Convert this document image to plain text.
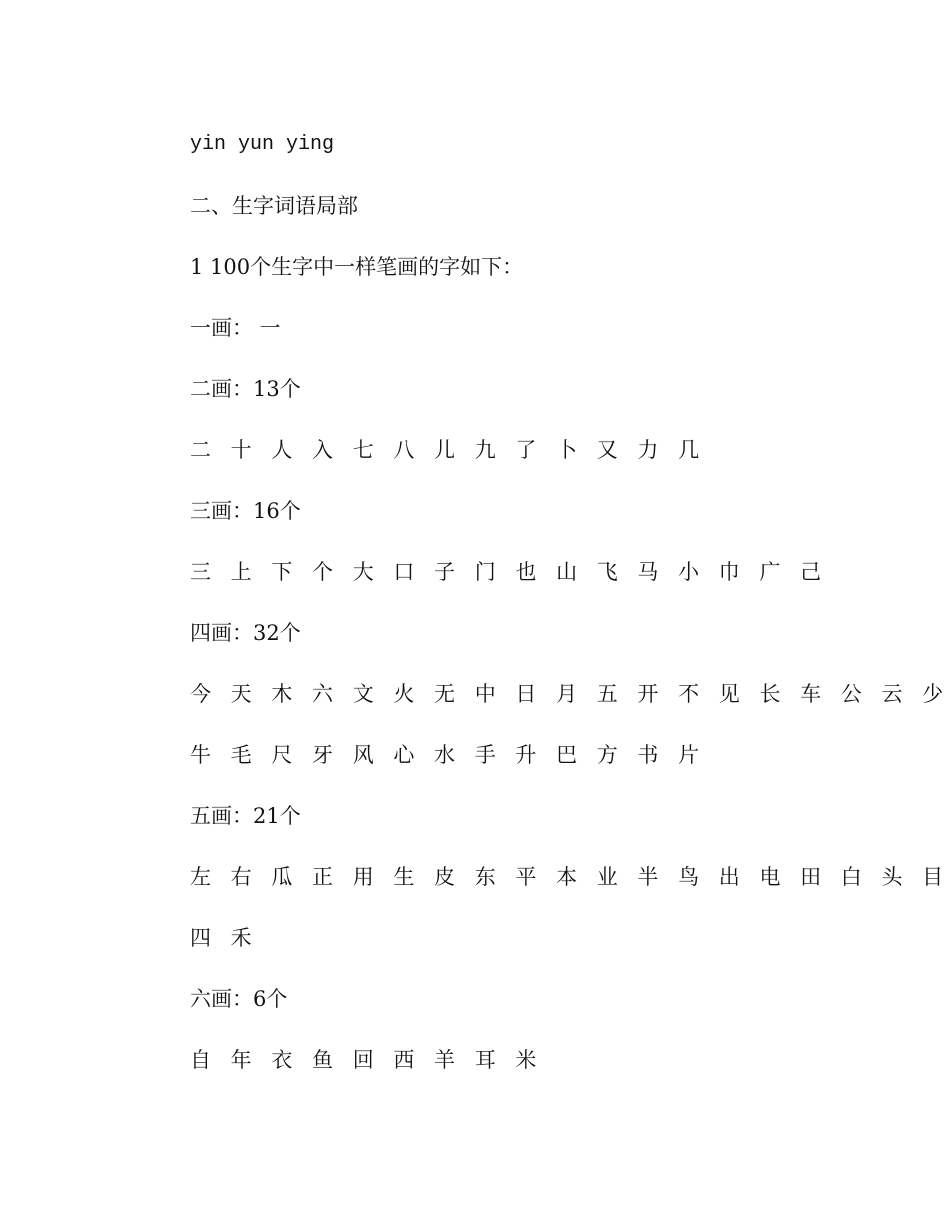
yin yun ying
二、生字词语局部
1 100个生字中一样笔画的字如下：
一画： 一
二画：13个
二 十 人 入 七 八 儿 九 了 卜 又 力 几
三画：16个
三 上 下 个 大 口 子 门 也 山 飞 马 小 巾 广 己
四画：32个
今 天 木 六 文 火 无 中 日 月 五 开 不 见 长 车 公 云 少
牛 毛 尺 牙 风 心 水 手 升 巴 方 书 片
五画：21个
左 右 瓜 正 用 生 皮 东 平 本 业 半 鸟 出 电 田 白 头 目
四 禾
六画：6个
自 年 衣 鱼 回 西 羊 耳 米
